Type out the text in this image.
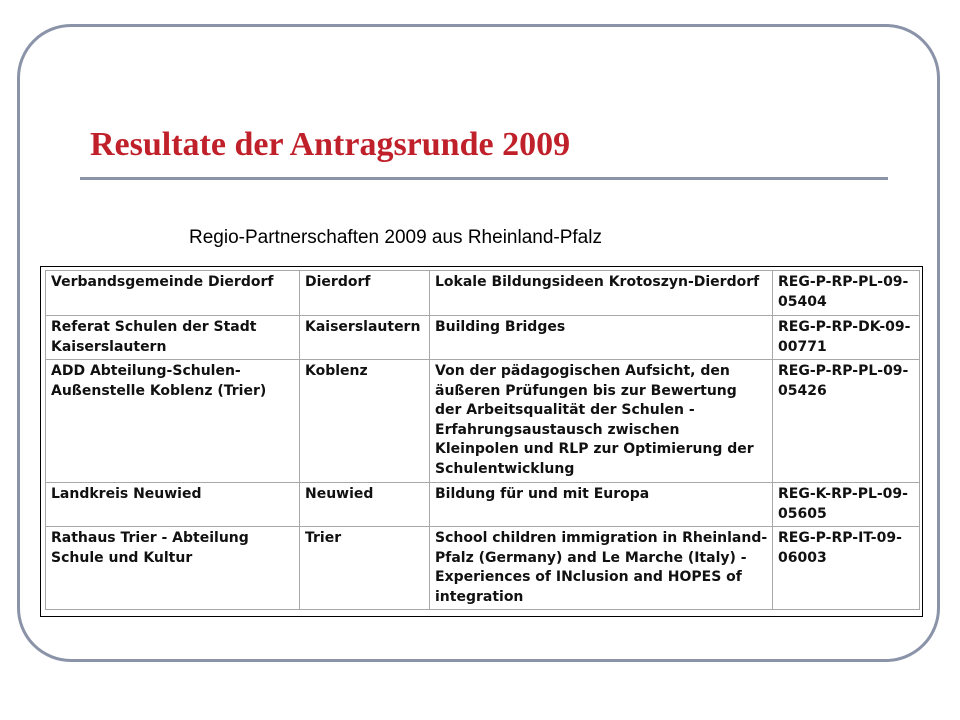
Resultate der Antragsrunde 2009
Regio-Partnerschaften 2009 aus Rheinland-Pfalz
Verbandsgemeinde Dierdorf	Dierdorf	Lokale Bildungsideen Krotoszyn-Dierdorf	REG-P-RP-PL-09-05404
Referat Schulen der Stadt Kaiserslautern	Kaiserslautern	Building Bridges	REG-P-RP-DK-09-00771
ADD Abteilung-Schulen-Außenstelle Koblenz (Trier)	Koblenz	Von der pädagogischen Aufsicht, den äußeren Prüfungen bis zur Bewertung der Arbeitsqualität der Schulen - Erfahrungsaustausch zwischen Kleinpolen und RLP zur Optimierung der Schulentwicklung	REG-P-RP-PL-09-05426
Landkreis Neuwied	Neuwied	Bildung für und mit Europa	REG-K-RP-PL-09-05605
Rathaus Trier - Abteilung Schule und Kultur	Trier	School children immigration in Rheinland-Pfalz (Germany) and Le Marche (Italy) - Experiences of INclusion and HOPES of integration	REG-P-RP-IT-09-06003
